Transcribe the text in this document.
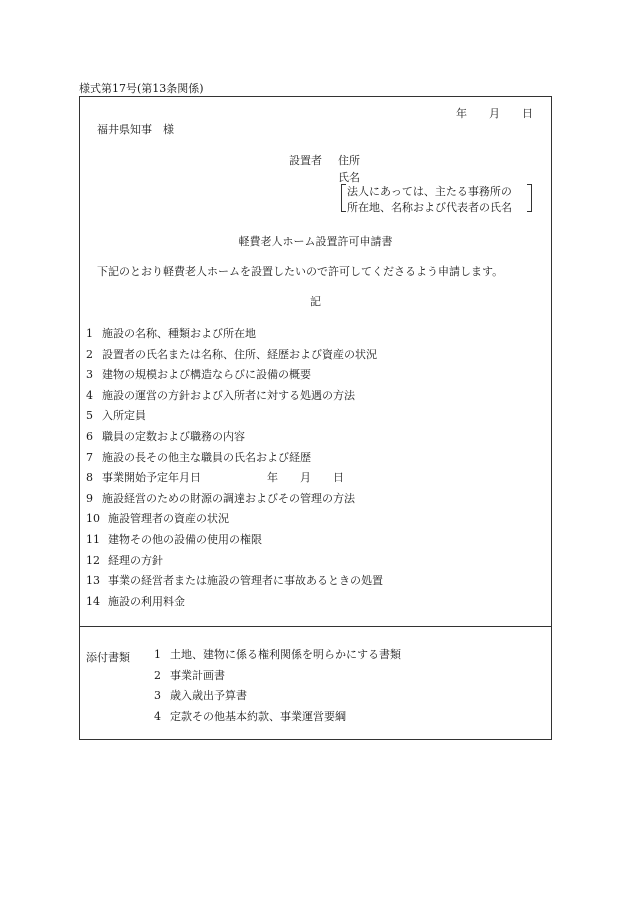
様式第17号(第13条関係)
年 月 日
福井県知事　様
設置者 住所
氏名
法人にあっては、主たる事務所の
所在地、名称および代表者の氏名
軽費老人ホーム設置許可申請書
下記のとおり軽費老人ホームを設置したいので許可してくださるよう申請します。
記
1 施設の名称、種類および所在地
2 設置者の氏名または名称、住所、経歴および資産の状況
3 建物の規模および構造ならびに設備の概要
4 施設の運営の方針および入所者に対する処遇の方法
5 入所定員
6 職員の定数および職務の内容
7 施設の長その他主な職員の氏名および経歴
8 事業開始予定年月日	年 月 日
9 施設経営のための財源の調達およびその管理の方法
10 施設管理者の資産の状況
11 建物その他の設備の使用の権限
12 経理の方針
13 事業の経営者または施設の管理者に事故あるときの処置
14 施設の利用料金
添付書類 1 土地、建物に係る権利関係を明らかにする書類
2 事業計画書
3 歳入歳出予算書
4 定款その他基本約款、事業運営要綱
